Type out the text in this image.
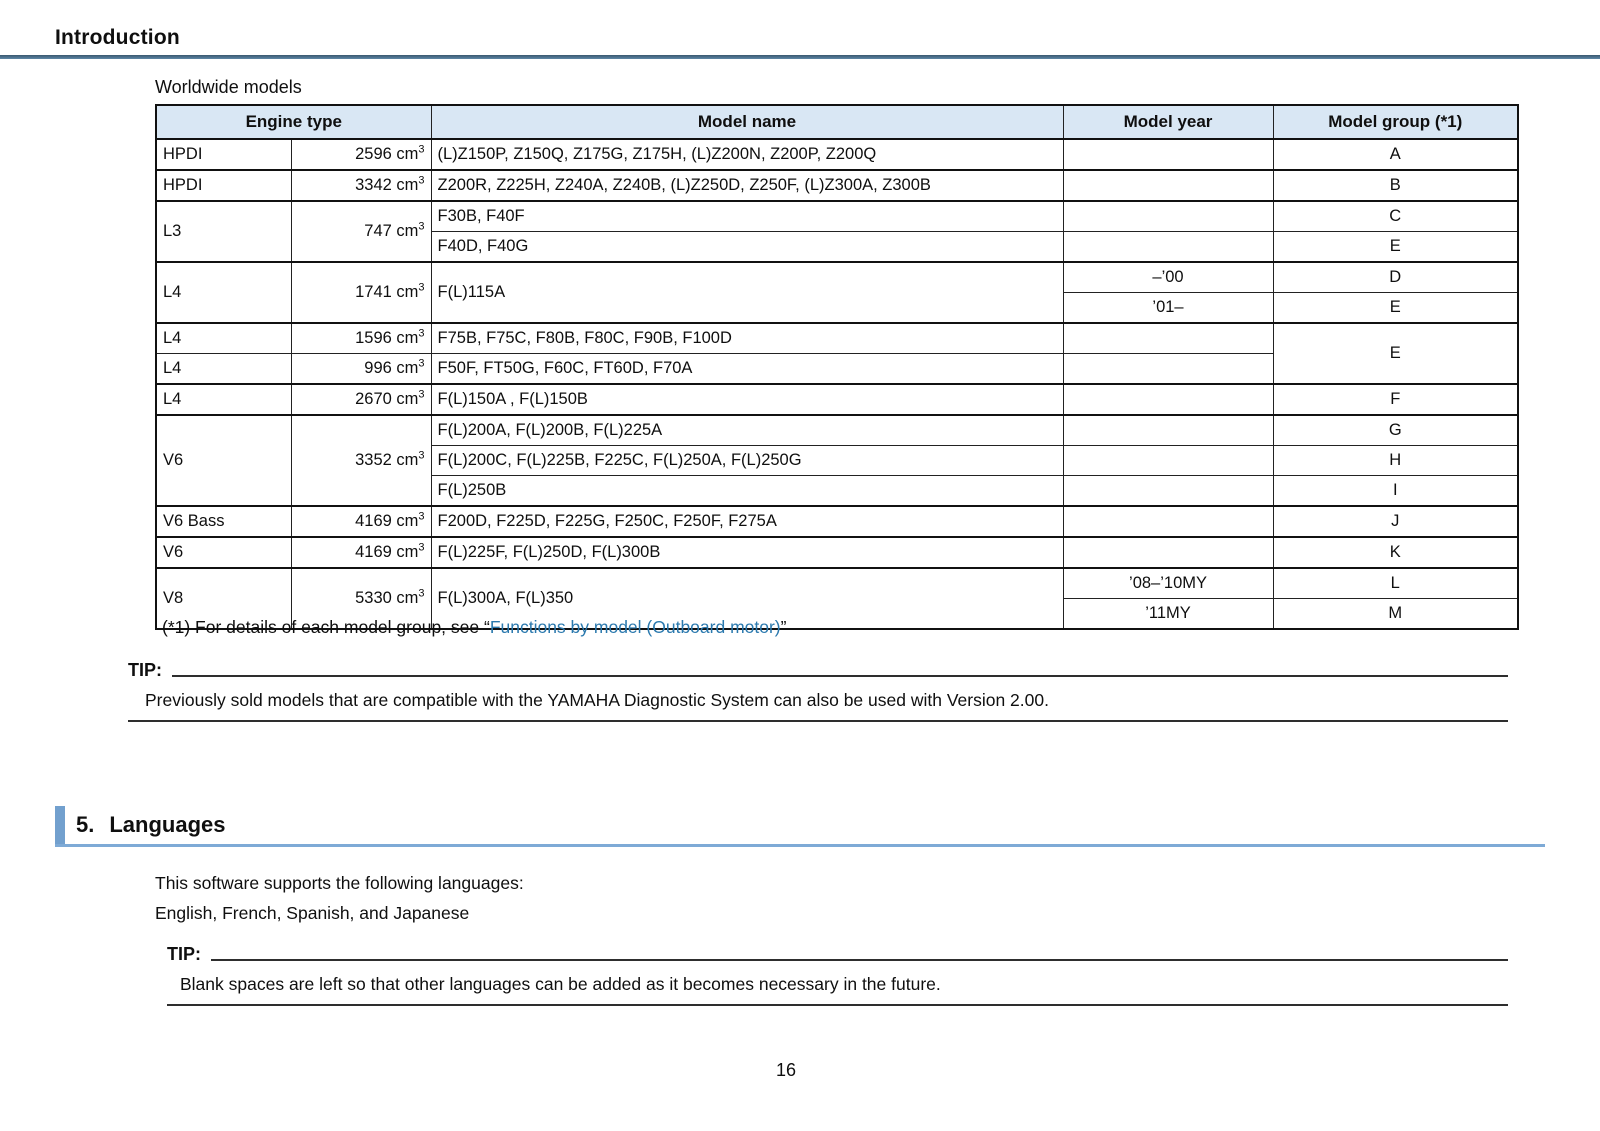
Introduction
Worldwide models
Engine type		Model name	Model year	Model group (*1)
HPDI	2596 $cm^3$	(L)Z150P, Z150Q, Z175G, Z175H, (L)Z200N, Z200P, Z200Q		A
HPDI	3342 $cm^3$	Z200R, Z225H, Z240A, Z240B, (L)Z250D, Z250F, (L)Z300A, Z300B		B
L3	747 $cm^3$	F30B, F40F		C
		F40D, F40G		E
L4	1741 $cm^3$	F(L)115A	–’00	D
			’01–	E
L4	1596 $cm^3$	F75B, F75C, F80B, F80C, F90B, F100D		E
L4	996 $cm^3$	F50F, FT50G, F60C, FT60D, F70A		
L4	2670 $cm^3$	F(L)150A , F(L)150B		F
V6	3352 $cm^3$	F(L)200A, F(L)200B, F(L)225A		G
		F(L)200C, F(L)225B, F225C, F(L)250A, F(L)250G		H
		F(L)250B		I
V6 Bass	4169 $cm^3$	F200D, F225D, F225G, F250C, F250F, F275A		J
V6	4169 $cm^3$	F(L)225F, F(L)250D, F(L)300B		K
V8	5330 $cm^3$	F(L)300A, F(L)350	’08–’10MY	L
			’11MY	M
(*1) For details of each model group, see “Functions by model (Outboard motor)”
TIP:
Previously sold models that are compatible with the YAMAHA Diagnostic System can also be used with Version 2.00.
5. Languages
This software supports the following languages:
English, French, Spanish, and Japanese
TIP:
Blank spaces are left so that other languages can be added as it becomes necessary in the future.
16
